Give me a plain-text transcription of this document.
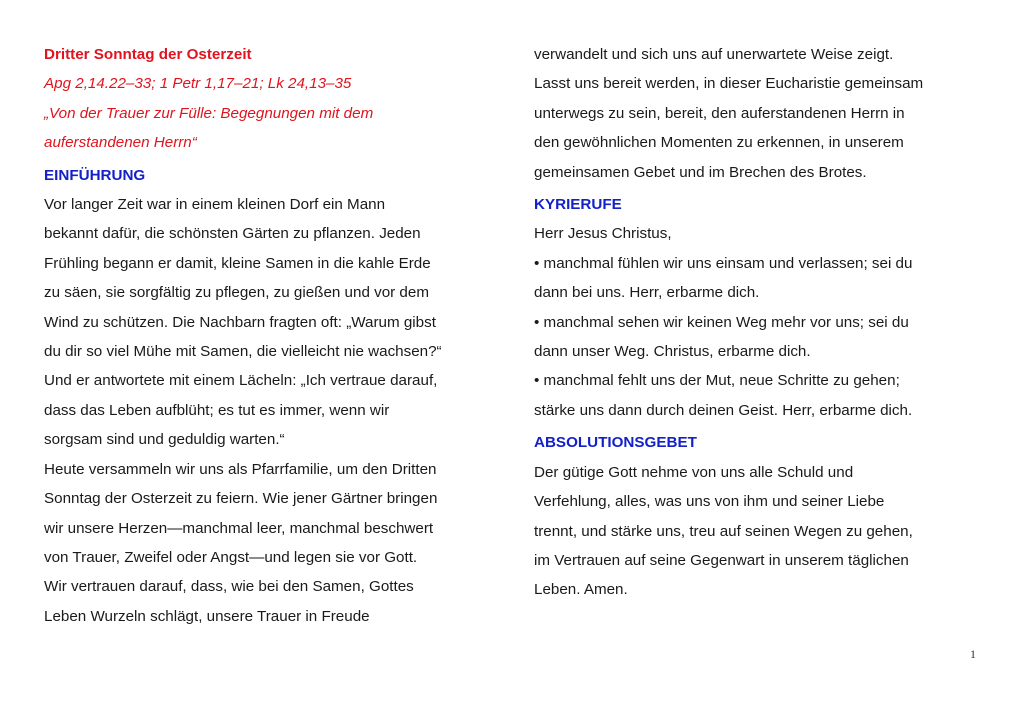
Dritter Sonntag der Osterzeit

Apg 2,14.22–33; 1 Petr 1,17–21; Lk 24,13–35

„Von der Trauer zur Fülle: Begegnungen mit dem

auferstandenen Herrn“

EINFÜHRUNG

Vor langer Zeit war in einem kleinen Dorf ein Mann

bekannt dafür, die schönsten Gärten zu pflanzen. Jeden

Frühling begann er damit, kleine Samen in die kahle Erde

zu säen, sie sorgfältig zu pflegen, zu gießen und vor dem

Wind zu schützen. Die Nachbarn fragten oft: „Warum gibst

du dir so viel Mühe mit Samen, die vielleicht nie wachsen?“

Und er antwortete mit einem Lächeln: „Ich vertraue darauf,

dass das Leben aufblüht; es tut es immer, wenn wir

sorgsam sind und geduldig warten.“

Heute versammeln wir uns als Pfarrfamilie, um den Dritten

Sonntag der Osterzeit zu feiern. Wie jener Gärtner bringen

wir unsere Herzen—manchmal leer, manchmal beschwert

von Trauer, Zweifel oder Angst—und legen sie vor Gott.

Wir vertrauen darauf, dass, wie bei den Samen, Gottes

Leben Wurzeln schlägt, unsere Trauer in Freude

verwandelt und sich uns auf unerwartete Weise zeigt.

Lasst uns bereit werden, in dieser Eucharistie gemeinsam

unterwegs zu sein, bereit, den auferstandenen Herrn in

den gewöhnlichen Momenten zu erkennen, in unserem

gemeinsamen Gebet und im Brechen des Brotes.

KYRIERUFE

Herr Jesus Christus,

• manchmal fühlen wir uns einsam und verlassen; sei du

dann bei uns. Herr, erbarme dich.

• manchmal sehen wir keinen Weg mehr vor uns; sei du

dann unser Weg. Christus, erbarme dich.

• manchmal fehlt uns der Mut, neue Schritte zu gehen;

stärke uns dann durch deinen Geist. Herr, erbarme dich.

ABSOLUTIONSGEBET

Der gütige Gott nehme von uns alle Schuld und

Verfehlung, alles, was uns von ihm und seiner Liebe

trennt, und stärke uns, treu auf seinen Wegen zu gehen,

im Vertrauen auf seine Gegenwart in unserem täglichen

Leben. Amen.

1
